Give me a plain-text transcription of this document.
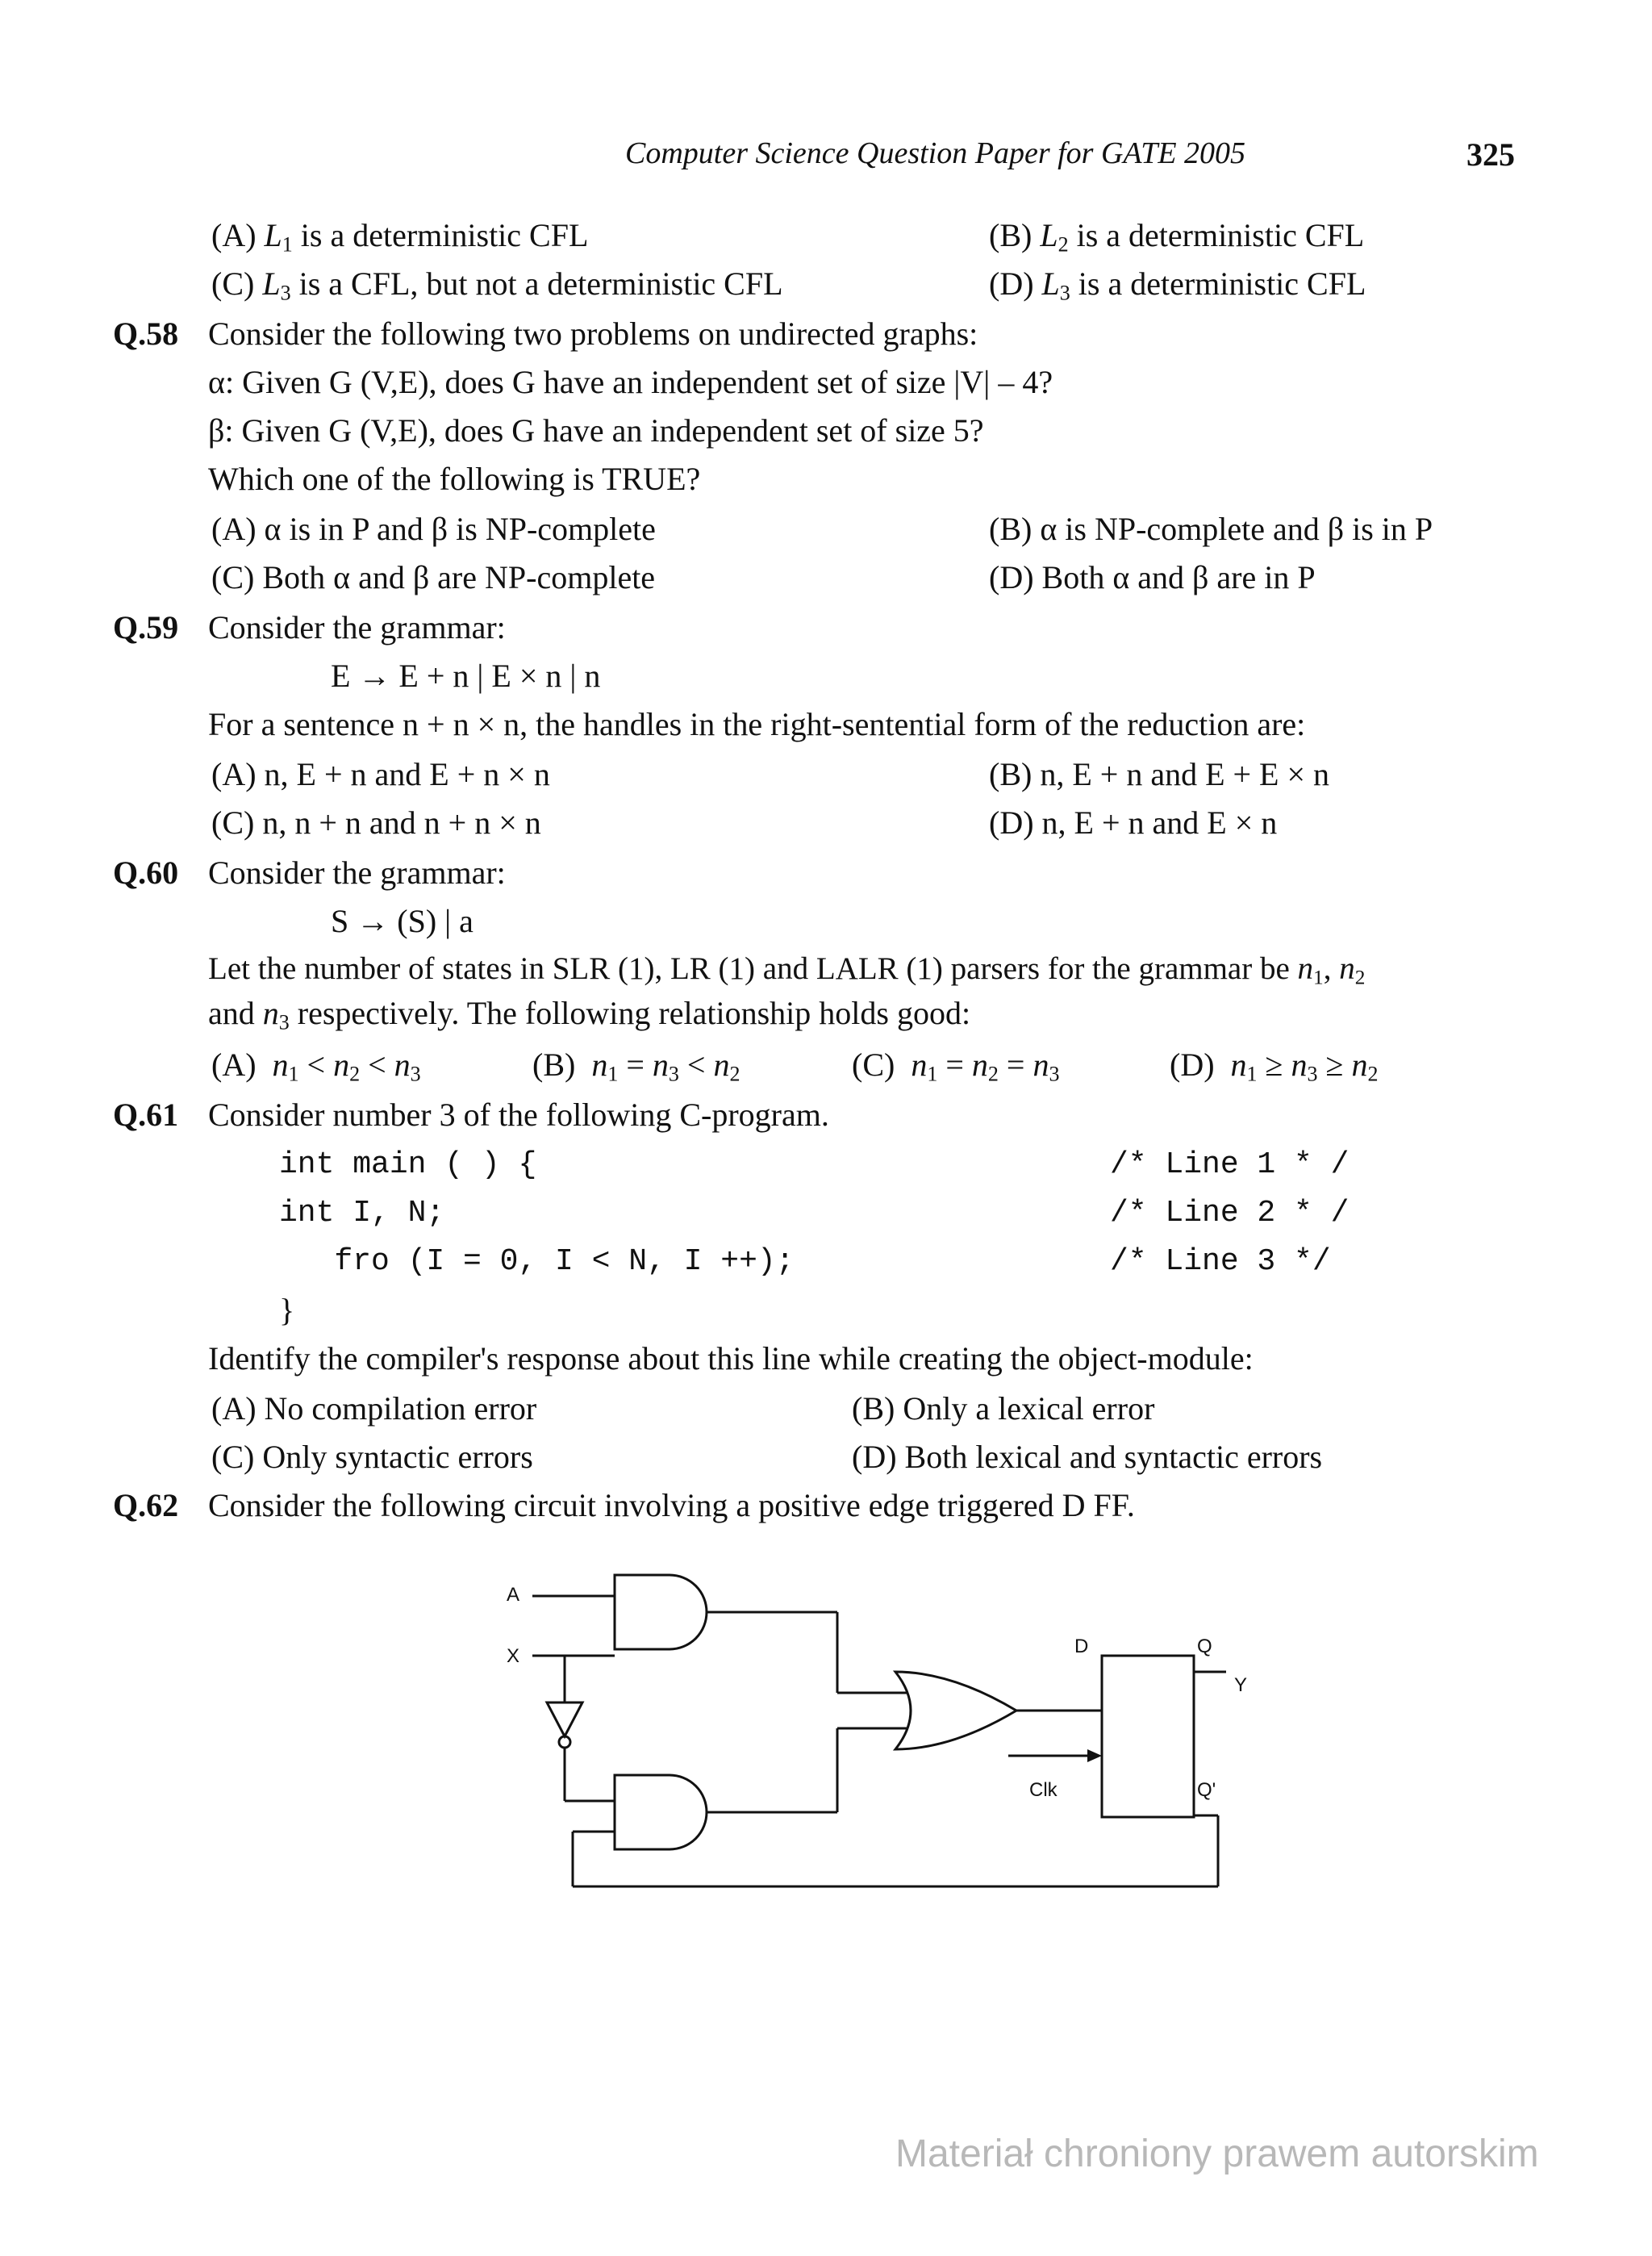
Computer Science Question Paper for GATE 2005	325
(A) $L_1$ is a deterministic CFL	(B) $L_2$ is a deterministic CFL
(C) $L_3$ is a CFL, but not a deterministic CFL	(D) $L_3$ is a deterministic CFL
Q.58 Consider the following two problems on undirected graphs:
α: Given G (V,E), does G have an independent set of size |V| – 4?
β: Given G (V,E), does G have an independent set of size 5?
Which one of the following is TRUE?
(A) α is in P and β is NP-complete	(B) α is NP-complete and β is in P
(C) Both α and β are NP-complete	(D) Both α and β are in P
Q.59 Consider the grammar:
E → E + n | E × n | n
For a sentence n + n × n, the handles in the right-sentential form of the reduction are:
(A) n, E + n and E + n × n	(B) n, E + n and E + E × n
(C) n, n + n and n + n × n	(D) n, E + n and E × n
Q.60 Consider the grammar:
S → (S) | a
Let the number of states in SLR (1), LR (1) and LALR (1) parsers for the grammar be $n_1$, $n_2$
and $n_3$ respectively. The following relationship holds good:
(A) $n_1 < n_2 < n_3$	(B) $n_1 = n_3 < n_2$	(C) $n_1 = n_2 = n_3$	(D) $n_1 \ge n_3 \ge n_2$
Q.61 Consider number 3 of the following C-program.
int main ( ) {	/* Line 1 * /
int I, N;	/* Line 2 * /
fro (I = 0, I < N, I ++);	/* Line 3 */
}
Identify the compiler's response about this line while creating the object-module:
(A) No compilation error	(B) Only a lexical error
(C) Only syntactic errors	(D) Both lexical and syntactic errors
Q.62 Consider the following circuit involving a positive edge triggered D FF.
A
X	D	Q
Y
Clk	Q'
Materiał chroniony prawem autorskim
